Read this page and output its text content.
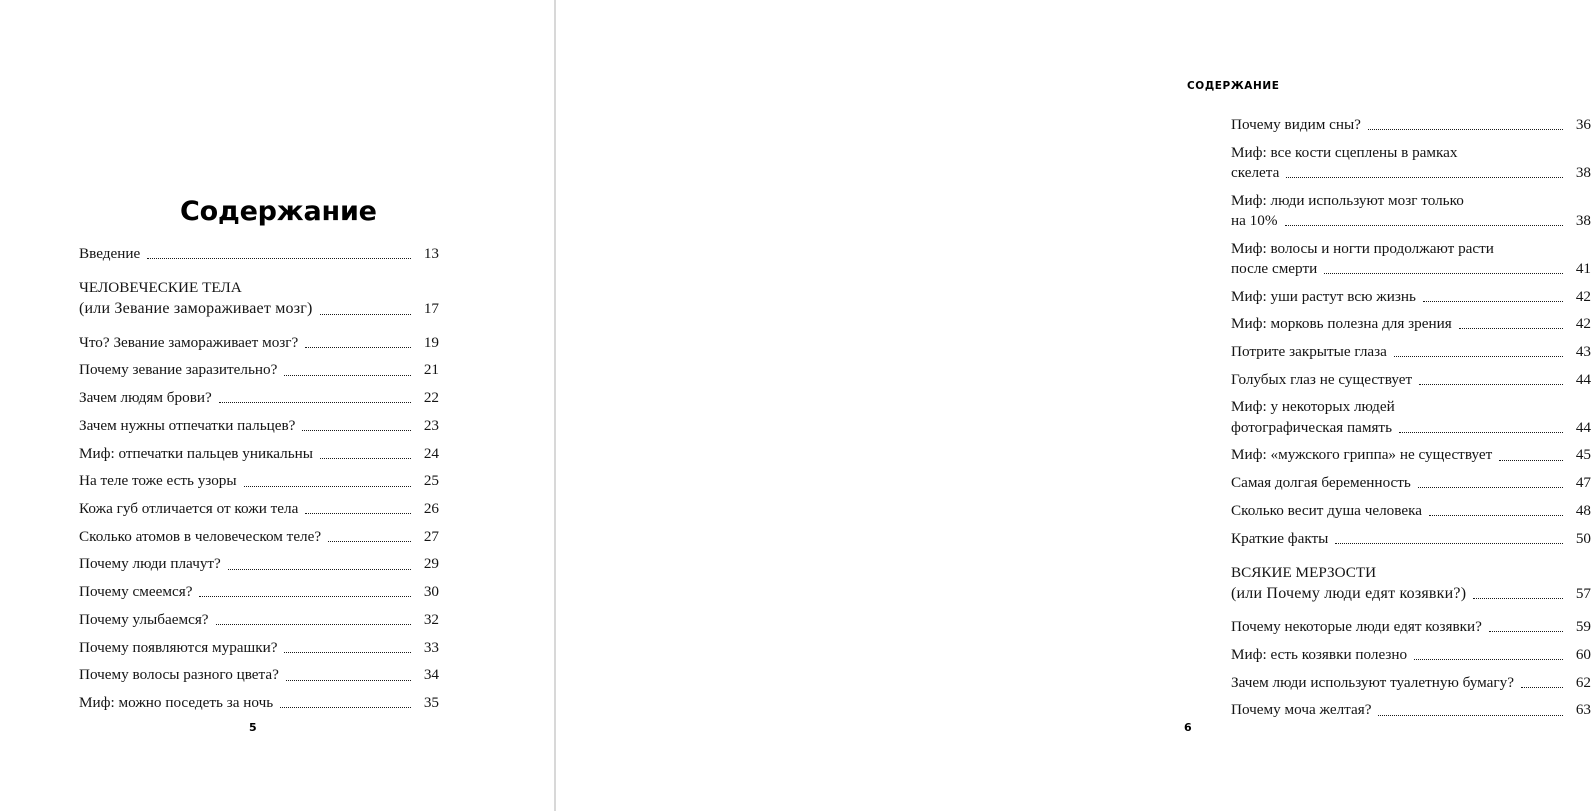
Содержание
Введение	13
ЧЕЛОВЕЧЕСКИЕ ТЕЛА
(или Зевание замораживает мозг)	17
Что? Зевание замораживает мозг?	19
Почему зевание заразительно?	21
Зачем людям брови?	22
Зачем нужны отпечатки пальцев?	23
Миф: отпечатки пальцев уникальны	24
На теле тоже есть узоры	25
Кожа губ отличается от кожи тела	26
Сколько атомов в человеческом теле?	27
Почему люди плачут?	29
Почему смеемся?	30
Почему улыбаемся?	32
Почему появляются мурашки?	33
Почему волосы разного цвета?	34
Миф: можно поседеть за ночь	35
5
СОДЕРЖАНИЕ
Почему видим сны?	36
Миф: все кости сцеплены в рамках
скелета	38
Миф: люди используют мозг только
на 10%	38
Миф: волосы и ногти продолжают расти
после смерти	41
Миф: уши растут всю жизнь	42
Миф: морковь полезна для зрения	42
Потрите закрытые глаза	43
Голубых глаз не существует	44
Миф: у некоторых людей
фотографическая память	44
Миф: «мужского гриппа» не существует	45
Самая долгая беременность	47
Сколько весит душа человека	48
Краткие факты	50
ВСЯКИЕ МЕРЗОСТИ
(или Почему люди едят козявки?)	57
Почему некоторые люди едят козявки?	59
Миф: есть козявки полезно	60
Зачем люди используют туалетную бумагу?	62
Почему моча желтая?	63
6
